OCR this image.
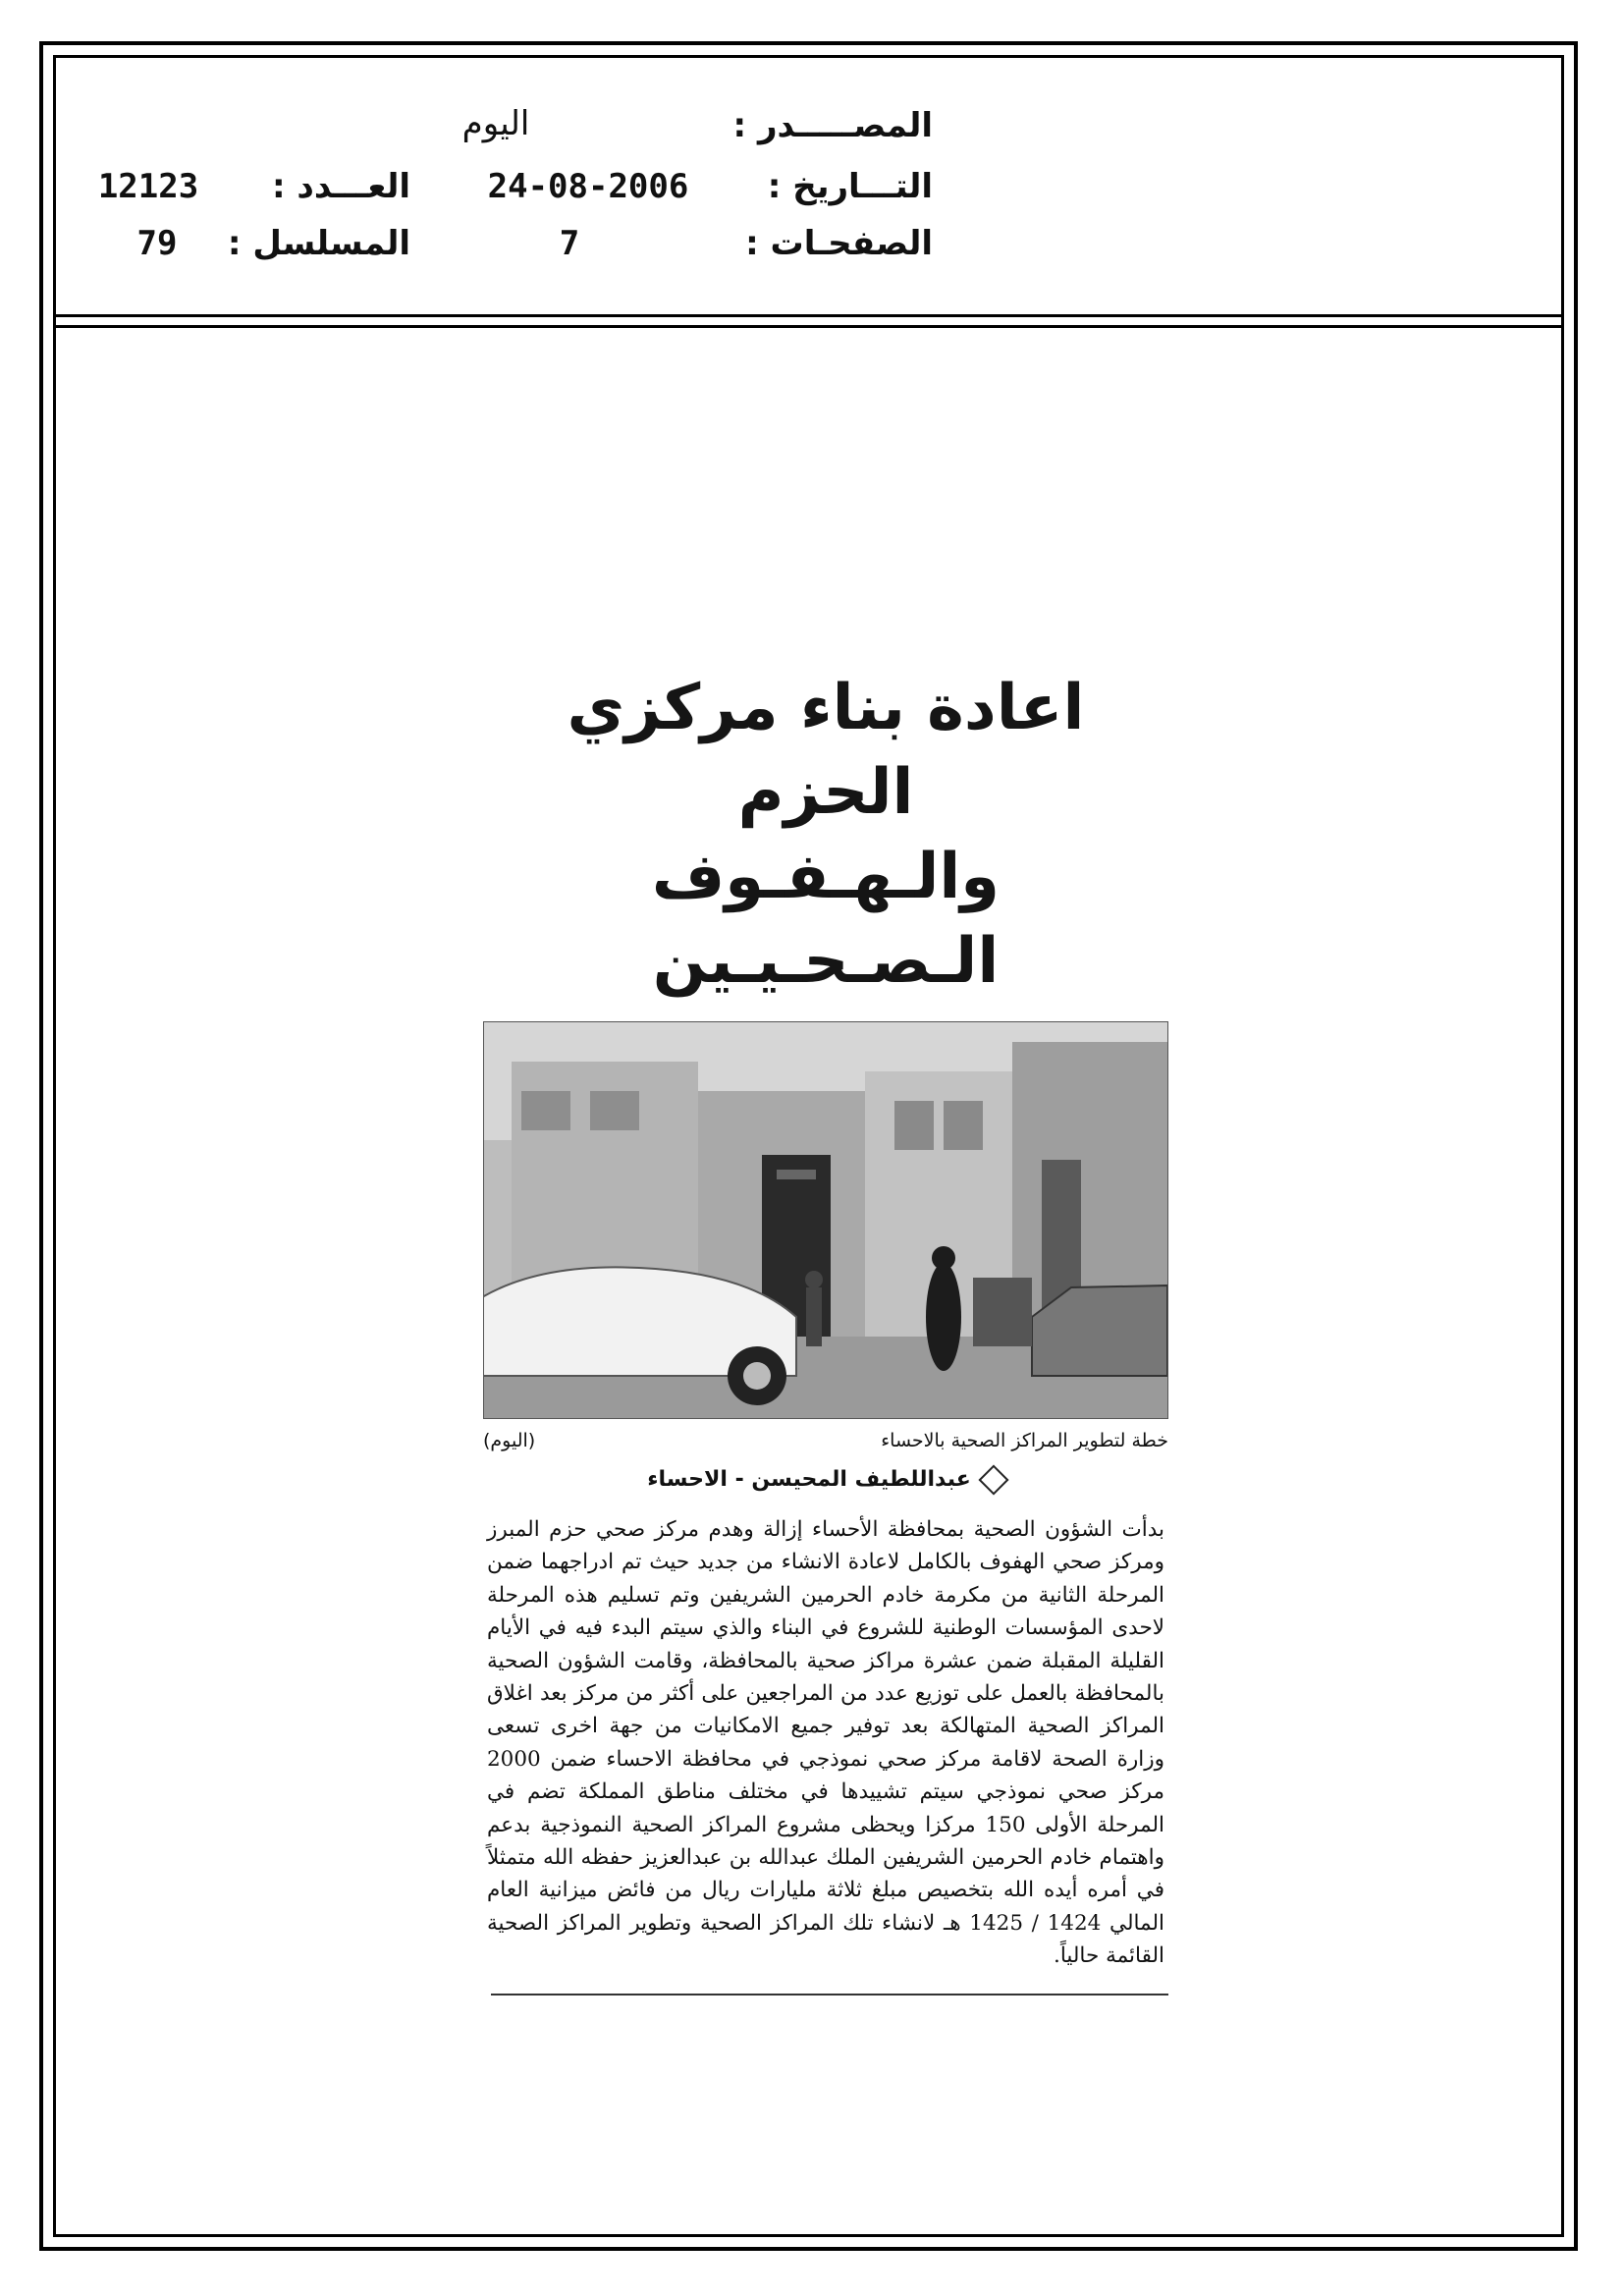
المصـــــدر :
اليوم
التـــاريخ :
24-08-2006
العـــدد :
12123
الصفحـات :
7
المسلسل :
79
اعادة بناء مركزي الحزم
والـهـفـوف الـصـحـيـين
خطة لتطوير المراكز الصحية بالاحساء
(اليوم)
عبداللطيف المحيسن - الاحساء

بدأت الشؤون الصحية بمحافظة الأحساء إزالة وهدم مركز صحي حزم المبرز ومركز صحي الهفوف بالكامل لاعادة الانشاء من جديد حيث تم ادراجهما ضمن المرحلة الثانية من مكرمة خادم الحرمين الشريفين وتم تسليم هذه المرحلة لاحدى المؤسسات الوطنية للشروع في البناء والذي سيتم البدء فيه في الأيام القليلة المقبلة ضمن عشرة مراكز صحية بالمحافظة، وقامت الشؤون الصحية بالمحافظة بالعمل على توزيع عدد من المراجعين على أكثر من مركز بعد اغلاق المراكز الصحية المتهالكة بعد توفير جميع الامكانيات من جهة اخرى تسعى وزارة الصحة لاقامة مركز صحي نموذجي في محافظة الاحساء ضمن 2000 مركز صحي نموذجي سيتم تشييدها في مختلف مناطق المملكة تضم في المرحلة الأولى 150 مركزا ويحظى مشروع المراكز الصحية النموذجية بدعم واهتمام خادم الحرمين الشريفين الملك عبدالله بن عبدالعزيز حفظه الله متمثلاً في أمره أيده الله بتخصيص مبلغ ثلاثة مليارات ريال من فائض ميزانية العام المالي 1424 / 1425 هـ لانشاء تلك المراكز الصحية وتطوير المراكز الصحية القائمة حالياً.
